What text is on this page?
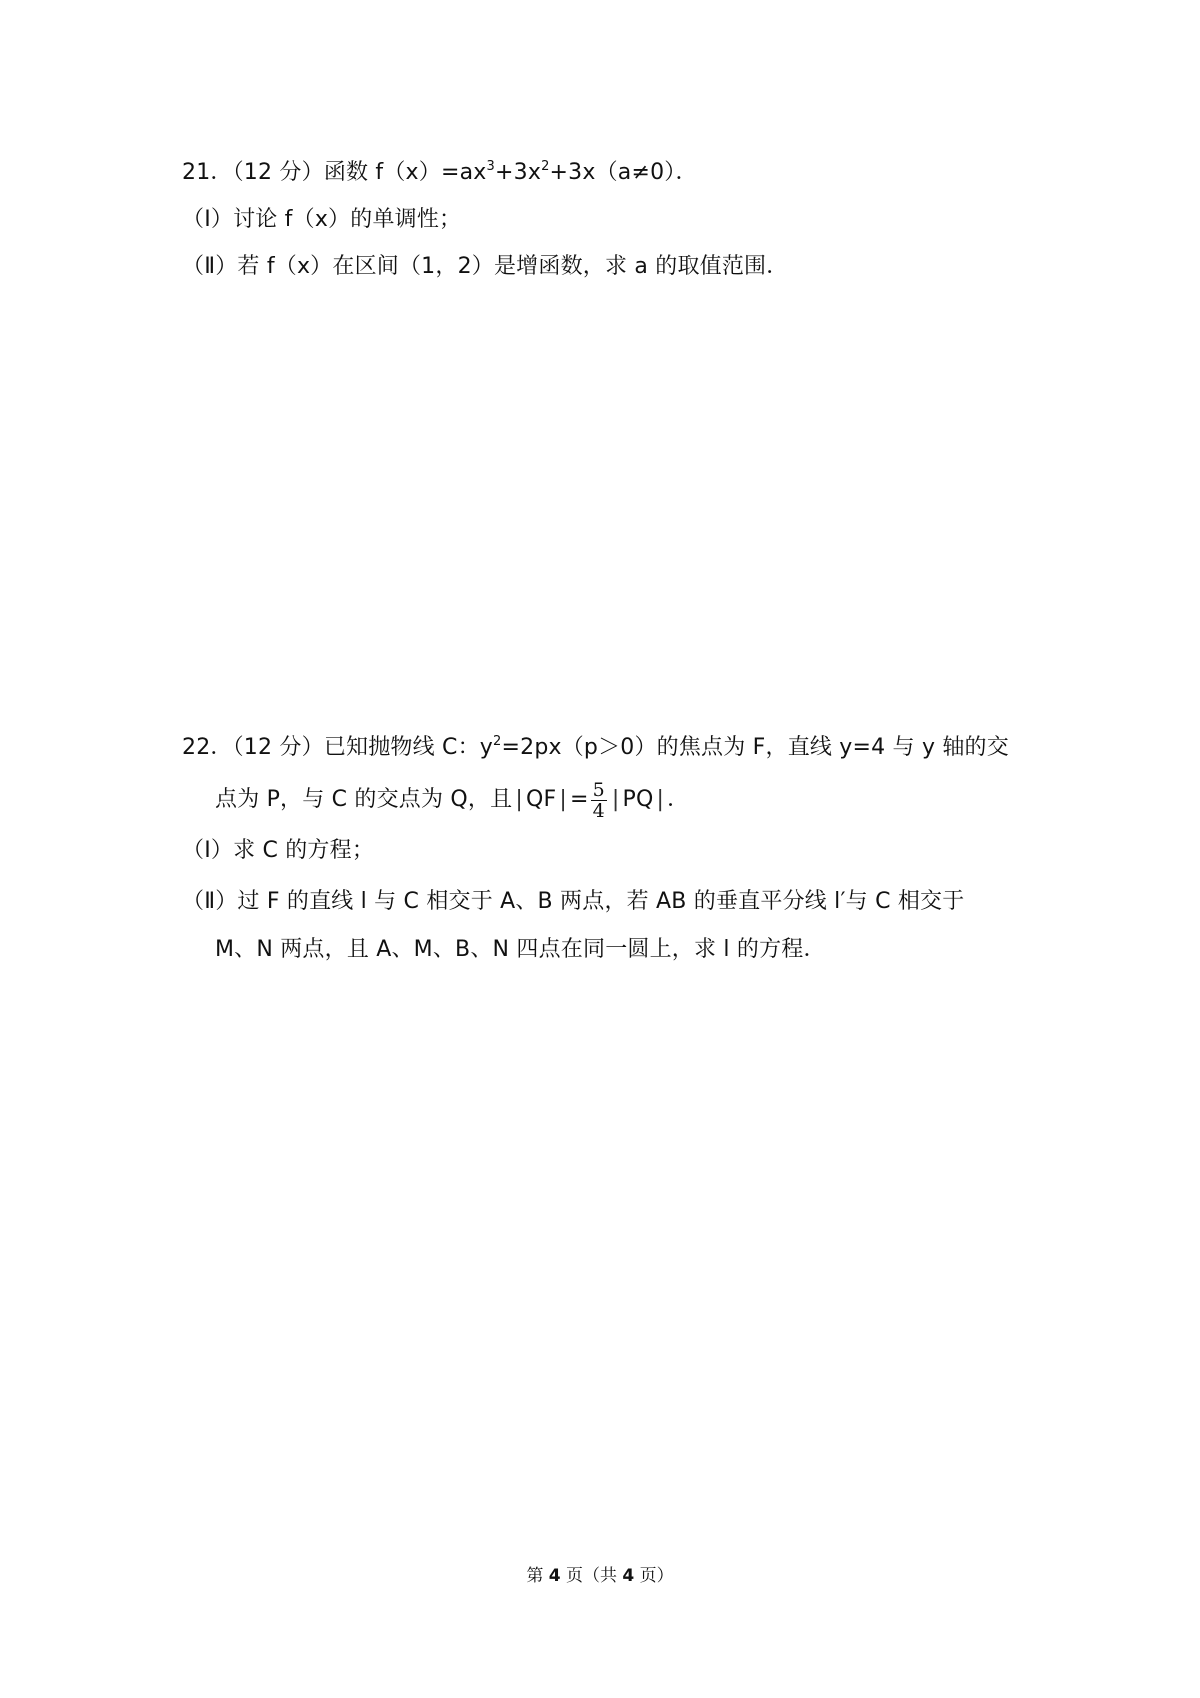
21．（12 分）函数 $f(x)=ax^3+3x^2+3x(a\ne 0)$．
（Ⅰ）讨论 f（x）的单调性；
（Ⅱ）若 f（x）在区间（1，2）是增函数，求 a 的取值范围．
22．（12 分）已知抛物线 C：$y^2=2px(p>0)$的焦点为 F，直线 y=4 与 y 轴的交
点为 P，与 C 的交点为 Q，且 | QF | = $\frac{5}{4}$ | PQ | ．
（Ⅰ）求 C 的方程；
（Ⅱ）过 F 的直线 l 与 C 相交于 A、B 两点，若 AB 的垂直平分线 l′与 C 相交于
M、N 两点，且 A、M、B、N 四点在同一圆上，求 l 的方程．
第 4 页（共 4 页）
